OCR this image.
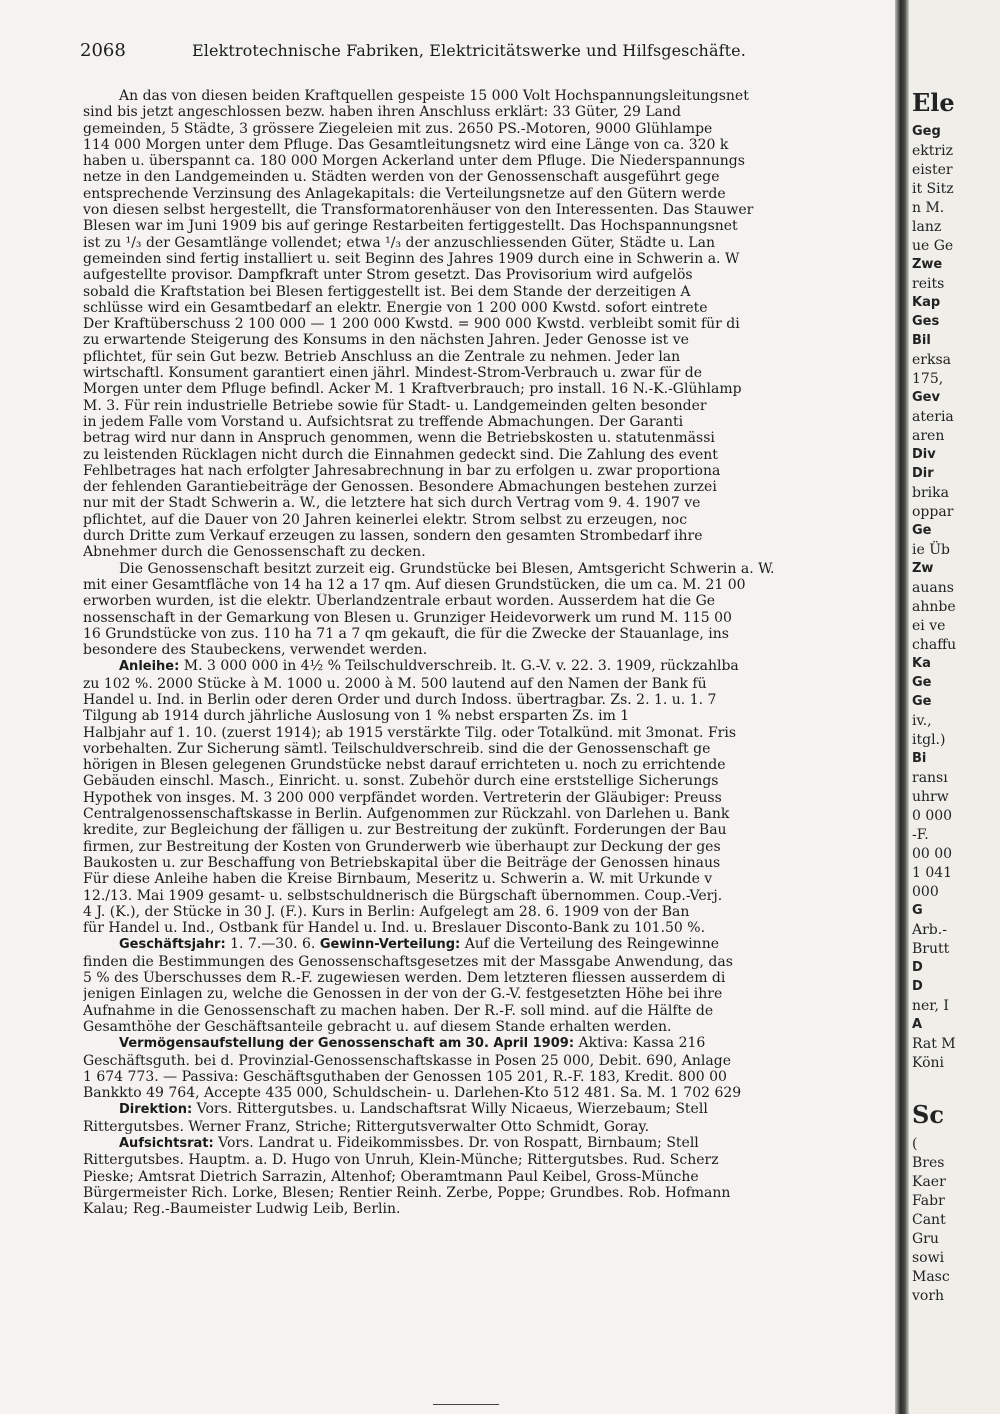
2068	Elektrotechnische Fabriken, Elektricitätswerke und Hilfsgeschäfte.

An das von diesen beiden Kraftquellen gespeiste 15 000 Volt Hochspannungsleitungsnet

sind bis jetzt angeschlossen bezw. haben ihren Anschluss erklärt: 33 Güter, 29 Land

gemeinden, 5 Städte, 3 grössere Ziegeleien mit zus. 2650 PS.-Motoren, 9000 Glühlampe

114 000 Morgen unter dem Pfluge. Das Gesamtleitungsnetz wird eine Länge von ca. 320 k

haben u. überspannt ca. 180 000 Morgen Ackerland unter dem Pfluge. Die Niederspannungs

netze in den Landgemeinden u. Städten werden von der Genossenschaft ausgeführt gege

entsprechende Verzinsung des Anlagekapitals: die Verteilungsnetze auf den Gütern werde

von diesen selbst hergestellt, die Transformatorenhäuser von den Interessenten. Das Stauwer

Blesen war im Juni 1909 bis auf geringe Restarbeiten fertiggestellt. Das Hochspannungsnet

ist zu ¹/₃ der Gesamtlänge vollendet; etwa ¹/₃ der anzuschliessenden Güter, Städte u. Lan

gemeinden sind fertig installiert u. seit Beginn des Jahres 1909 durch eine in Schwerin a. W

aufgestellte provisor. Dampfkraft unter Strom gesetzt. Das Provisorium wird aufgelös

sobald die Kraftstation bei Blesen fertiggestellt ist. Bei dem Stande der derzeitigen A

schlüsse wird ein Gesamtbedarf an elektr. Energie von 1 200 000 Kwstd. sofort eintrete

Der Kraftüberschuss 2 100 000 — 1 200 000 Kwstd. = 900 000 Kwstd. verbleibt somit für di

zu erwartende Steigerung des Konsums in den nächsten Jahren. Jeder Genosse ist ve

pflichtet, für sein Gut bezw. Betrieb Anschluss an die Zentrale zu nehmen. Jeder lan

wirtschaftl. Konsument garantiert einen jährl. Mindest-Strom-Verbrauch u. zwar für de

Morgen unter dem Pfluge befindl. Acker M. 1 Kraftverbrauch; pro install. 16 N.-K.-Glühlamp

M. 3. Für rein industrielle Betriebe sowie für Stadt- u. Landgemeinden gelten besonder

in jedem Falle vom Vorstand u. Aufsichtsrat zu treffende Abmachungen. Der Garanti

betrag wird nur dann in Anspruch genommen, wenn die Betriebskosten u. statutenmässi

zu leistenden Rücklagen nicht durch die Einnahmen gedeckt sind. Die Zahlung des event

Fehlbetrages hat nach erfolgter Jahresabrechnung in bar zu erfolgen u. zwar proportiona

der fehlenden Garantiebeiträge der Genossen. Besondere Abmachungen bestehen zurzei

nur mit der Stadt Schwerin a. W., die letztere hat sich durch Vertrag vom 9. 4. 1907 ve

pflichtet, auf die Dauer von 20 Jahren keinerlei elektr. Strom selbst zu erzeugen, noc

durch Dritte zum Verkauf erzeugen zu lassen, sondern den gesamten Strombedarf ihre

Abnehmer durch die Genossenschaft zu decken.

Die Genossenschaft besitzt zurzeit eig. Grundstücke bei Blesen, Amtsgericht Schwerin a. W.

mit einer Gesamtfläche von 14 ha 12 a 17 qm. Auf diesen Grundstücken, die um ca. M. 21 00

erworben wurden, ist die elektr. Überlandzentrale erbaut worden. Ausserdem hat die Ge

nossenschaft in der Gemarkung von Blesen u. Grunziger Heidevorwerk um rund M. 115 00

16 Grundstücke von zus. 110 ha 71 a 7 qm gekauft, die für die Zwecke der Stauanlage, ins

besondere des Staubeckens, verwendet werden.

Anleihe: M. 3 000 000 in 4½ % Teilschuldverschreib. lt. G.-V. v. 22. 3. 1909, rückzahlba

zu 102 %. 2000 Stücke à M. 1000 u. 2000 à M. 500 lautend auf den Namen der Bank fü

Handel u. Ind. in Berlin oder deren Order und durch Indoss. übertragbar. Zs. 2. 1. u. 1. 7

Tilgung ab 1914 durch jährliche Auslosung von 1 % nebst ersparten Zs. im 1

Halbjahr auf 1. 10. (zuerst 1914); ab 1915 verstärkte Tilg. oder Totalkünd. mit 3monat. Fris

vorbehalten. Zur Sicherung sämtl. Teilschuldverschreib. sind die der Genossenschaft ge

hörigen in Blesen gelegenen Grundstücke nebst darauf errichteten u. noch zu errichtende

Gebäuden einschl. Masch., Einricht. u. sonst. Zubehör durch eine erststellige Sicherungs

Hypothek von insges. M. 3 200 000 verpfändet worden. Vertreterin der Gläubiger: Preuss

Centralgenossenschaftskasse in Berlin. Aufgenommen zur Rückzahl. von Darlehen u. Bank

kredite, zur Begleichung der fälligen u. zur Bestreitung der zukünft. Forderungen der Bau

firmen, zur Bestreitung der Kosten von Grunderwerb wie überhaupt zur Deckung der ges

Baukosten u. zur Beschaffung von Betriebskapital über die Beiträge der Genossen hinaus

Für diese Anleihe haben die Kreise Birnbaum, Meseritz u. Schwerin a. W. mit Urkunde v

12./13. Mai 1909 gesamt- u. selbstschuldnerisch die Bürgschaft übernommen. Coup.-Verj.

4 J. (K.), der Stücke in 30 J. (F.). Kurs in Berlin: Aufgelegt am 28. 6. 1909 von der Ban

für Handel u. Ind., Ostbank für Handel u. Ind. u. Breslauer Disconto-Bank zu 101.50 %.

Geschäftsjahr: 1. 7.—30. 6. Gewinn-Verteilung: Auf die Verteilung des Reingewinne

finden die Bestimmungen des Genossenschaftsgesetzes mit der Massgabe Anwendung, das

5 % des Überschusses dem R.-F. zugewiesen werden. Dem letzteren fliessen ausserdem di

jenigen Einlagen zu, welche die Genossen in der von der G.-V. festgesetzten Höhe bei ihre

Aufnahme in die Genossenschaft zu machen haben. Der R.-F. soll mind. auf die Hälfte de

Gesamthöhe der Geschäftsanteile gebracht u. auf diesem Stande erhalten werden.

Vermögensaufstellung der Genossenschaft am 30. April 1909: Aktiva: Kassa 216

Geschäftsguth. bei d. Provinzial-Genossenschaftskasse in Posen 25 000, Debit. 690, Anlage

1 674 773. — Passiva: Geschäftsguthaben der Genossen 105 201, R.-F. 183, Kredit. 800 00

Bankkto 49 764, Accepte 435 000, Schuldschein- u. Darlehen-Kto 512 481. Sa. M. 1 702 629

Direktion: Vors. Rittergutsbes. u. Landschaftsrat Willy Nicaeus, Wierzebaum; Stell

Rittergutsbes. Werner Franz, Striche; Rittergutsverwalter Otto Schmidt, Goray.

Aufsichtsrat: Vors. Landrat u. Fideikommissbes. Dr. von Rospatt, Birnbaum; Stell

Rittergutsbes. Hauptm. a. D. Hugo von Unruh, Klein-Münche; Rittergutsbes. Rud. Scherz

Pieske; Amtsrat Dietrich Sarrazin, Altenhof; Oberamtmann Paul Keibel, Gross-Münche

Bürgermeister Rich. Lorke, Blesen; Rentier Reinh. Zerbe, Poppe; Grundbes. Rob. Hofmann

Kalau; Reg.-Baumeister Ludwig Leib, Berlin.

Ele
Geg
ektriz
eister
it Sitz
n M.
lanz
ue Ge
Zwe
reits
Kap
Ges
Bil
erksa
175,
Gev
ateria
aren
Div
Dir
brika
oppar
Ge
ie Üb
Zw
auans
ahnbe
ei ve
chaffu
Ka
Ge
Ge
iv.,
itgl.)
Bi
ransı
uhrw
0 000
-F.
00 00
1 041
000
G
Arb.-
Brutt
D
D
ner, I
A
Rat M
Köni
Sc
(
Bres
Kaer
Fabr
Cant
Gru
sowi
Masc
vorh
